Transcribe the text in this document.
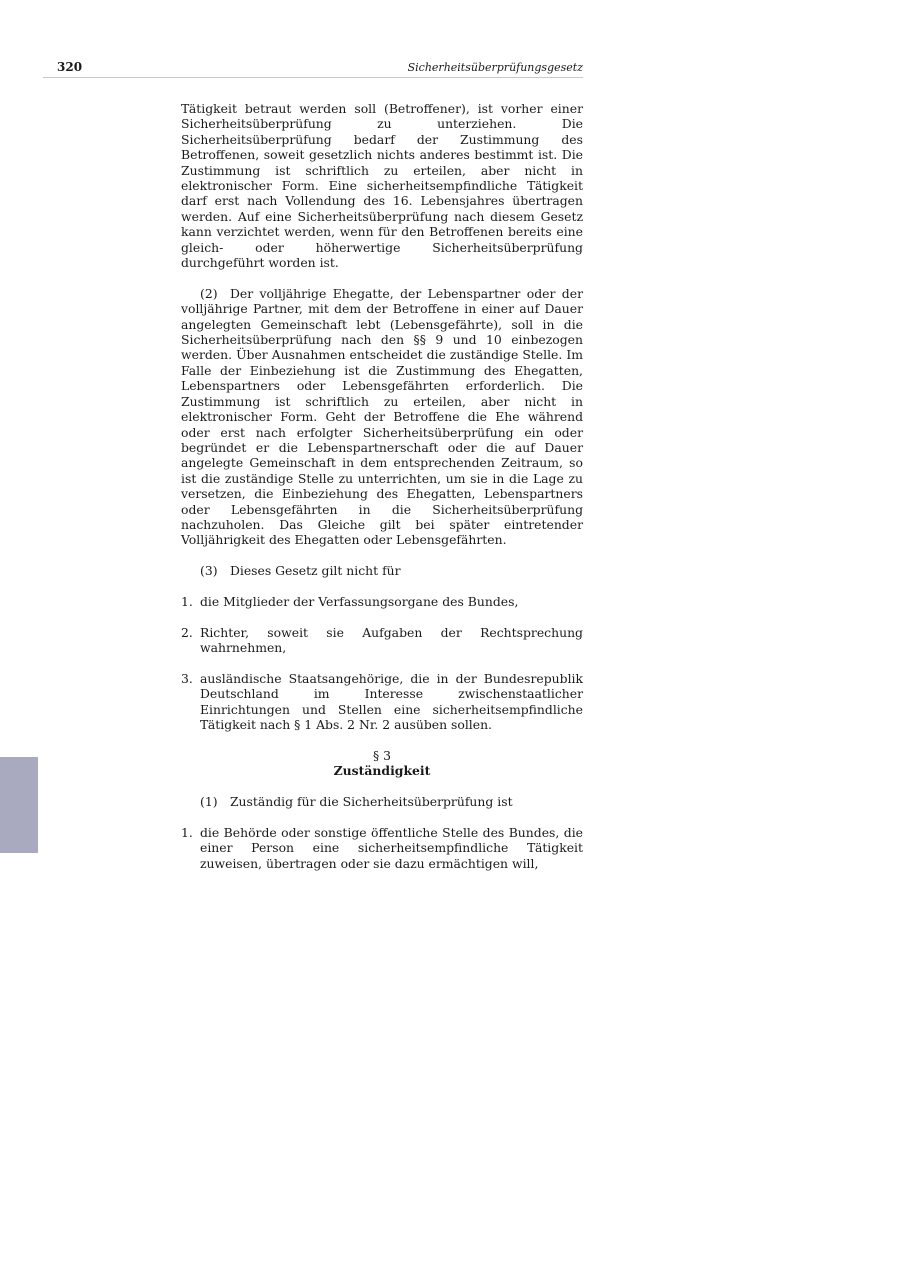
320	Sicherheitsüberprüfungsgesetz

Tätigkeit betraut werden soll (Betroffener), ist vorher einer Sicherheitsüberprüfung zu unterziehen. Die Sicherheitsüberprüfung bedarf der Zustimmung des Betroffenen, soweit gesetzlich nichts anderes bestimmt ist. Die Zustimmung ist schriftlich zu erteilen, aber nicht in elektronischer Form. Eine sicherheitsempfindliche Tätigkeit darf erst nach Vollendung des 16. Lebensjahres übertragen werden. Auf eine Sicherheitsüberprüfung nach diesem Gesetz kann verzichtet werden, wenn für den Betroffenen bereits eine gleich- oder höherwertige Sicherheitsüberprüfung durchgeführt worden ist.

(2) Der volljährige Ehegatte, der Lebenspartner oder der volljährige Partner, mit dem der Betroffene in einer auf Dauer angelegten Gemeinschaft lebt (Lebensgefährte), soll in die Sicherheitsüberprüfung nach den §§ 9 und 10 einbezogen werden. Über Ausnahmen entscheidet die zuständige Stelle. Im Falle der Einbeziehung ist die Zustimmung des Ehegatten, Lebenspartners oder Lebensgefährten erforderlich. Die Zustimmung ist schriftlich zu erteilen, aber nicht in elektronischer Form. Geht der Betroffene die Ehe während oder erst nach erfolgter Sicherheitsüberprüfung ein oder begründet er die Lebenspartnerschaft oder die auf Dauer angelegte Gemeinschaft in dem entsprechenden Zeitraum, so ist die zuständige Stelle zu unterrichten, um sie in die Lage zu versetzen, die Einbeziehung des Ehegatten, Lebenspartners oder Lebensgefährten in die Sicherheitsüberprüfung nachzuholen. Das Gleiche gilt bei später eintretender Volljährigkeit des Ehegatten oder Lebensgefährten.

(3) Dieses Gesetz gilt nicht für

1. die Mitglieder der Verfassungsorgane des Bundes,
2. Richter, soweit sie Aufgaben der Rechtsprechung wahrnehmen,
3. ausländische Staatsangehörige, die in der Bundesrepublik Deutschland im Interesse zwischenstaatlicher Einrichtungen und Stellen eine sicherheitsempfindliche Tätigkeit nach § 1 Abs. 2 Nr. 2 ausüben sollen.

§ 3

Zuständigkeit

(1) Zuständig für die Sicherheitsüberprüfung ist

1. die Behörde oder sonstige öffentliche Stelle des Bundes, die einer Person eine sicherheitsempfindliche Tätigkeit zuweisen, übertragen oder sie dazu ermächtigen will,
